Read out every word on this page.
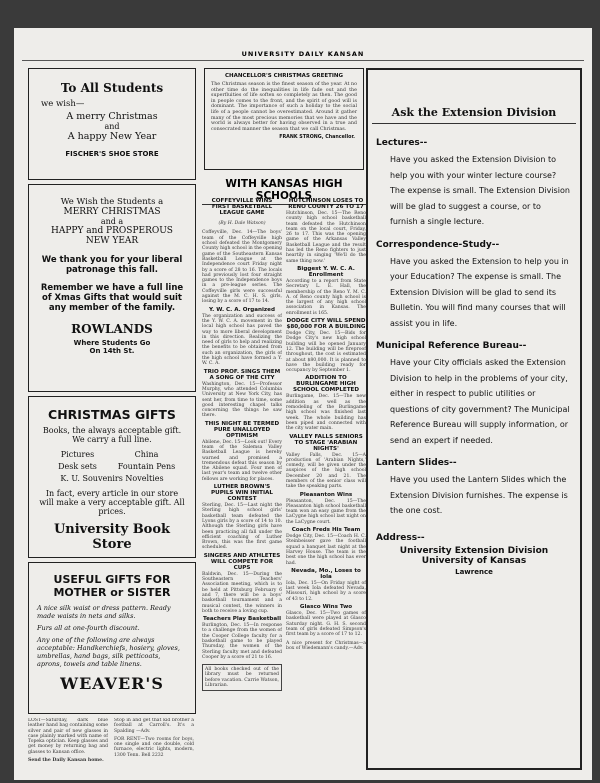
UNIVERSITY DAILY KANSAN

To All Students

we wish—

A merry Christmas

and

A happy New Year

FISCHER'S SHOE STORE

We Wish the Students a

MERRY CHRISTMAS

and a

HAPPY and PROSPEROUS

NEW YEAR

We thank you for your liberal patronage this fall.

Remember we have a full line of Xmas Gifts that would suit any member of the family.

ROWLANDS

Where Students Go

On 14th St.

CHRISTMAS GIFTS

Books, the always acceptable gift. We carry a full line.

Pictures	China
Desk sets	Fountain Pens
K. U. Souvenirs Novelties

In fact, every article in our store will make a very acceptable gift. All prices.

University Book Store

USEFUL GIFTS FOR

MOTHER or SISTER

A nice silk waist or dress pattern. Ready made waists in nets and silks.

Furs all at one-fourth discount.

Any one of the following are always acceptable: Handkerchiefs, hosiery, gloves, umbrellas, hand bags, silk petticoats, aprons, towels and table linens.

WEAVER'S

LOST—Saturday, dark blue leather hand bag containing some silver and pair of new glasses in case plainly marked with name of Topeka optician. Keep glasses and get money by returning bag and glasses to Kansan office.

Send the Daily Kansan home.

Stop in and get that kid brother a football at Carroll's. It's a Spalding —Adv.

FOR RENT—Two rooms for boys, one single and one double, cold furnace, electric lights, modern, 1300 Tenn. Bell 2232

CHANCELLOR'S CHRISTMAS GREETING

The Christmas season is the finest season of the year. At no other time do the inequalities in life fade out and the superfluities of life soften so completely as then. The good in people comes to the front, and the spirit of good will is dominant. The importance of such a holiday to the social life of a people cannot be overestimated. Around it gather many of the most precious memories that we have and the world is always better for having observed in a true and consecrated manner the season that we call Christmas.

FRANK STRONG, Chancellor.

WITH KANSAS HIGH SCHOOLS
COFFEYVILLE WINS FIRST BASKETBALL LEAGUE GAME

(By H. Dale Watson)

Coffeyville, Dec. 14—The boys' team of the Coffeyville high school defeated the Montgomery County high school in the opening game of the Southeastern Kansas Basketball League at the Independence court Friday night by a score of 28 to 16. The locals had previously lost four straight games to the Independence boys in a pre-league series. The Coffeyville girls were successful against the M. C. H. S. girls, losing by a score of 17 to 14.

Y. W. C. A. Organized

The organization and success of the Y. W. C. A. movement in the local high school has paved the way to more liberal development in this direction. Realizing the need of girls to help and realizing the benefits to be obtained from such an organization, the girls of the high school have formed a Y. W. C. A.

TRIO PROF. SINGS THEM A SONG OF THE CITY

Washington, Dec. 15—Professor Murphy, who attended Columbia University at New York City, has sent her, from time to time, some good interesting chapel talks concerning the things he saw there.

THIS NIGHT BE TERMED PURE UNALLOYED OPTIMISM

Abilene, Dec. 15—Look out! Every team of the Salemsa Valley Basketball League is hereby warned and promised a tremendous defeat this season by the Abilene squad. Four men of last year's team and twelve other fellows are working for places.

LUTHER BROWN'S PUPILS WIN INITIAL CONTEST

Sterling, Dec. 15—Last night the Sterling high school girls' basketball team defeated the Lyons girls by a score of 14 to 10. Although the Sterling girls have been practicing all fall under the efficient coaching of Luther Brown, this was the first game scheduled.

SINGERS AND ATHLETES WILL COMPETE FOR CUPS

Baldwin, Dec. 15—During the Southeastern Teachers' Association meeting, which is to be held at Pittsburg February 6 and 7, there will be a boys' basketball tournament and a musical contest, the winners in both to receive a loving cup.

Teachers Play Basketball

Burlington, Dec. 15—In response to a challenge from the women of the Cooper College faculty for a basketball game to be played Thursday, the women of the Sterling faculty met and defeated Cooper by a score of 21 to 16.

All books checked out of the library must be returned before vacation. Carrie Watson, Librarian.

HUTCHINSON LOSES TO RENO COUNTY 26 TO 17

Hutchinson, Dec. 15—The Reno county high school basketball team defeated the Hutchinson team on the local court, Friday, 26 to 17. This was the opening game of the Arkansas Valley Basketball League and the result has led the Reno fighters to just heartily in singing 'We'll do the same thing now.'

Biggest Y. W. C. A. Enrollment

According to a report from State Secretary L. E. Hall, the membership of the Reno Y. M. C. A. of Reno county high school is the largest of any high school association in Kansas. The enrollment is 165.

DODGE CITY WILL SPEND $80,000 FOR A BUILDING

Dodge City, Dec. 15—Bids for Dodge City's new high school building will be opened January 12. The building will be fireproof throughout, the cost is estimated at about $80,000. It is planned to have the building ready for occupancy by September 1.

ADDITION TO BURLINGAME HIGH SCHOOL COMPLETED

Burlingame, Dec. 15—The new addition as well as the remodeling of the Burlingame high school was finished last week. The whole building has been piped and connected with the city water main.

VALLEY FALLS SENIORS TO STAGE 'ARABIAN NIGHTS'

Valley Falls, Dec. 15—A production of 'Arabian Nights,' comedy, will be given under the auspices of the high school December 20 and 21. The members of the senior class will take the speaking parts.

Pleasanton Wins

Pleasanton, Dec. 15—The Pleasanton high school basketball team won an easy game from the LaCygne high school last night on the LaCygne court.

Coach Freds His Team

Dodge City, Dec. 15—Coach H. C. Steinbeisser gave the football squad a banquet last night at the Harvey House. The team is the best one the high school has ever had.

Nevada, Mo., Loses to Iola

Iola, Dec. 15—On Friday night of last week Iola defeated Nevada, Missouri, high school by a score of 43 to 12.

Glasco Wins Two

Glasco, Dec. 15—Two games of basketball were played at Glasco Saturday night. G. H. S. second team of girls defeated Simpson's first team by a score of 17 to 12.

A nice present for Christmas—a box of Wiedemann's candy.—Adv.

Ask the Extension Division

Lectures--

Have you asked the Extension Division to help you with your winter lecture course? The expense is small. The Extension Division will be glad to suggest a course, or to furnish a single lecture.

Correspondence-Study--

Have you asked the Extension to help you in your Education? The expense is small. The Extension Division will be glad to send its Bulletin. You will find many courses that will assist you in life.

Municipal Reference Bureau--

Have your City officials asked the Extension Division to help in the problems of your city, either in respect to public utilities or questions of city government? The Municipal Reference Bureau will supply information, or send an expert if needed.

Lantern Slides--

Have you used the Lantern Slides which the Extension Division furnishes. The expense is the one cost.

Address--

University Extension Division

University of Kansas

Lawrence
